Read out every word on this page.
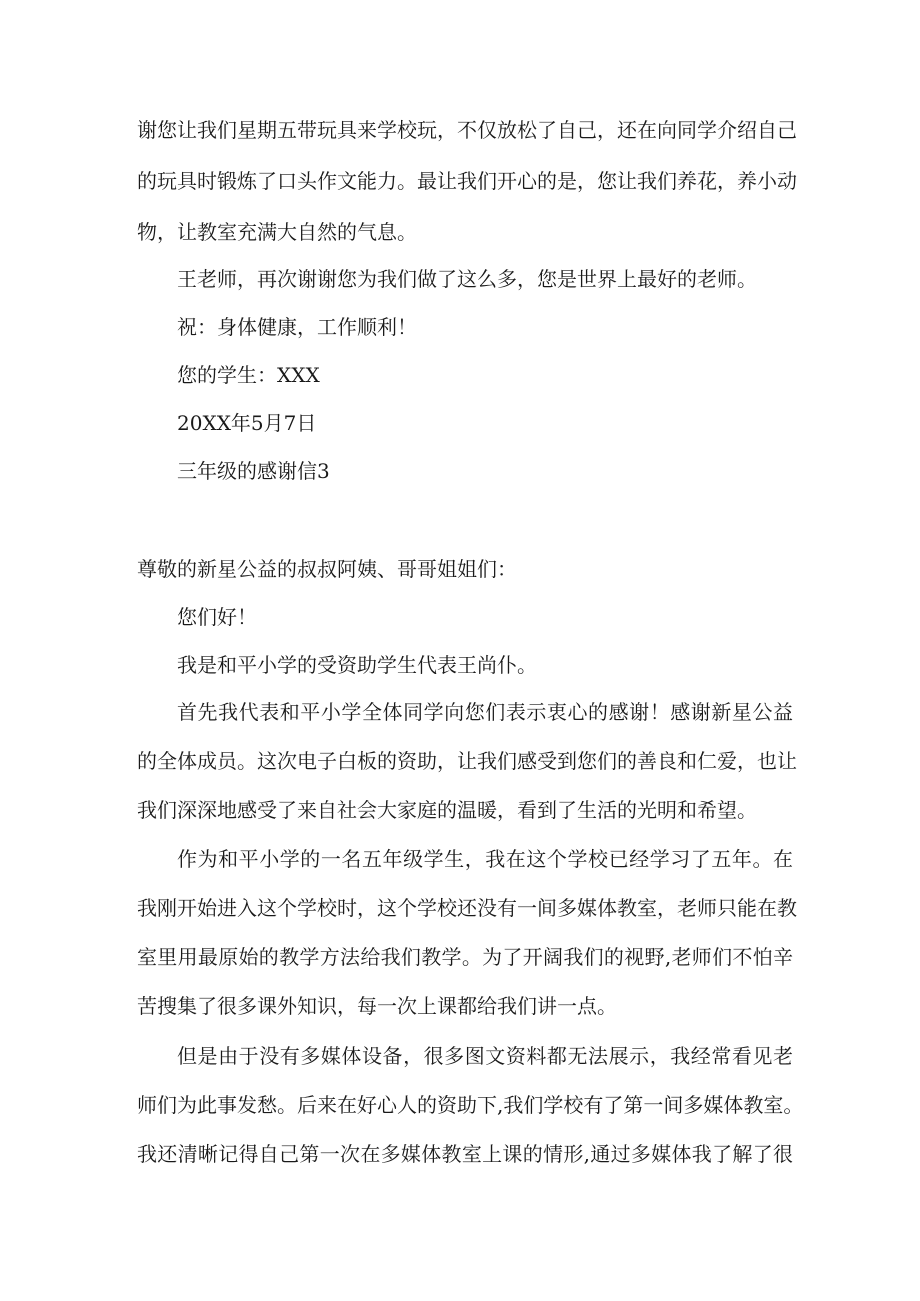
谢您让我们星期五带玩具来学校玩，不仅放松了自己，还在向同学介绍自己
的玩具时锻炼了口头作文能力。最让我们开心的是，您让我们养花，养小动
物，让教室充满大自然的气息。
王老师，再次谢谢您为我们做了这么多，您是世界上最好的老师。
祝：身体健康，工作顺利！
您的学生：XXX
20XX年5月7日
三年级的感谢信3
尊敬的新星公益的叔叔阿姨、哥哥姐姐们：
您们好！
我是和平小学的受资助学生代表王尚仆。
首先我代表和平小学全体同学向您们表示衷心的感谢！感谢新星公益
的全体成员。这次电子白板的资助，让我们感受到您们的善良和仁爱，也让
我们深深地感受了来自社会大家庭的温暖，看到了生活的光明和希望。
作为和平小学的一名五年级学生，我在这个学校已经学习了五年。在
我刚开始进入这个学校时，这个学校还没有一间多媒体教室，老师只能在教
室里用最原始的教学方法给我们教学。为了开阔我们的视野,老师们不怕辛
苦搜集了很多课外知识，每一次上课都给我们讲一点。
但是由于没有多媒体设备，很多图文资料都无法展示，我经常看见老
师们为此事发愁。后来在好心人的资助下,我们学校有了第一间多媒体教室。
我还清晰记得自己第一次在多媒体教室上课的情形,通过多媒体我了解了很
